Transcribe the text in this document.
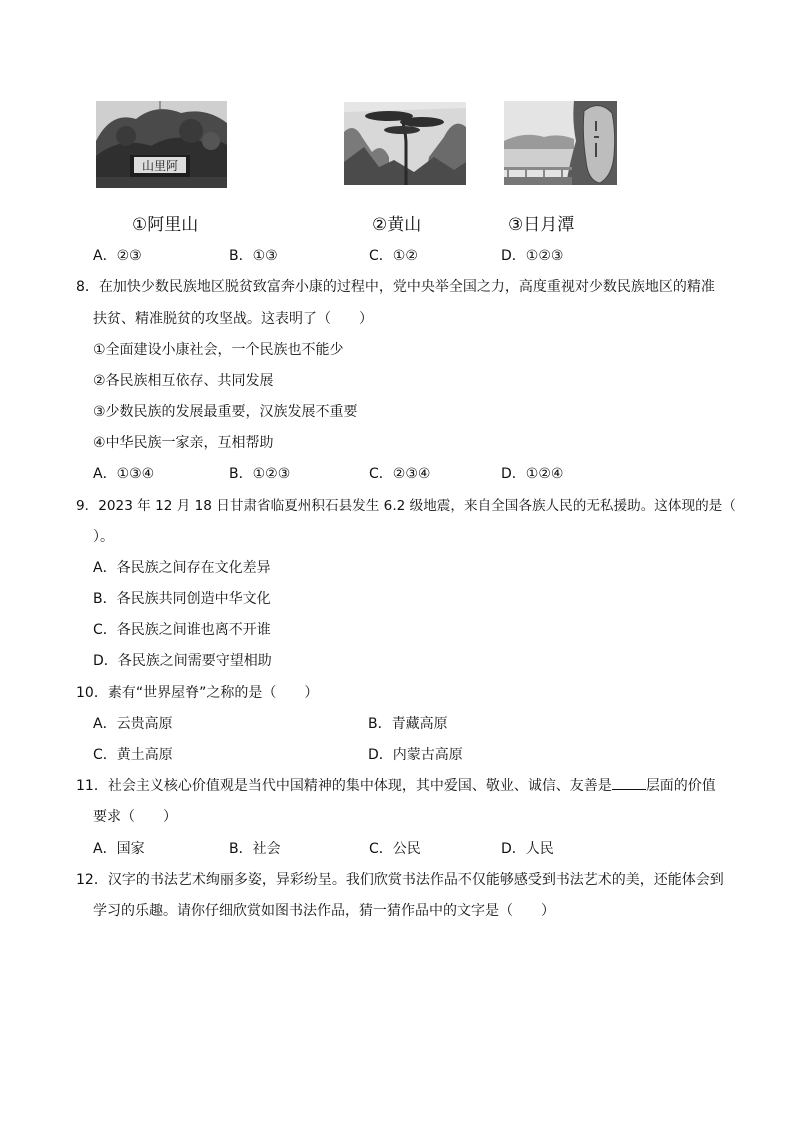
山里阿
①阿里山	②黄山	③日月潭
A．②③	B．①③	C．①②	D．①②③
8．在加快少数民族地区脱贫致富奔小康的过程中，党中央举全国之力，高度重视对少数民族地区的精准
扶贫、精准脱贫的攻坚战。这表明了（　　）
①全面建设小康社会，一个民族也不能少
②各民族相互依存、共同发展
③少数民族的发展最重要，汉族发展不重要
④中华民族一家亲，互相帮助
A．①③④	B．①②③	C．②③④	D．①②④
9．2023 年 12 月 18 日甘肃省临夏州积石县发生 6.2 级地震，来自全国各族人民的无私援助。这体现的是（
）。
A．各民族之间存在文化差异
B．各民族共同创造中华文化
C．各民族之间谁也离不开谁
D．各民族之间需要守望相助
10．素有“世界屋脊”之称的是（　　）
A．云贵高原	B．青藏高原
C．黄土高原	D．内蒙古高原
11．社会主义核心价值观是当代中国精神的集中体现，其中爱国、敬业、诚信、友善是 层面的价值
要求（　　）
A．国家	B．社会	C．公民	D．人民
12．汉字的书法艺术绚丽多姿，异彩纷呈。我们欣赏书法作品不仅能够感受到书法艺术的美，还能体会到
学习的乐趣。请你仔细欣赏如图书法作品，猜一猜作品中的文字是（　　）
